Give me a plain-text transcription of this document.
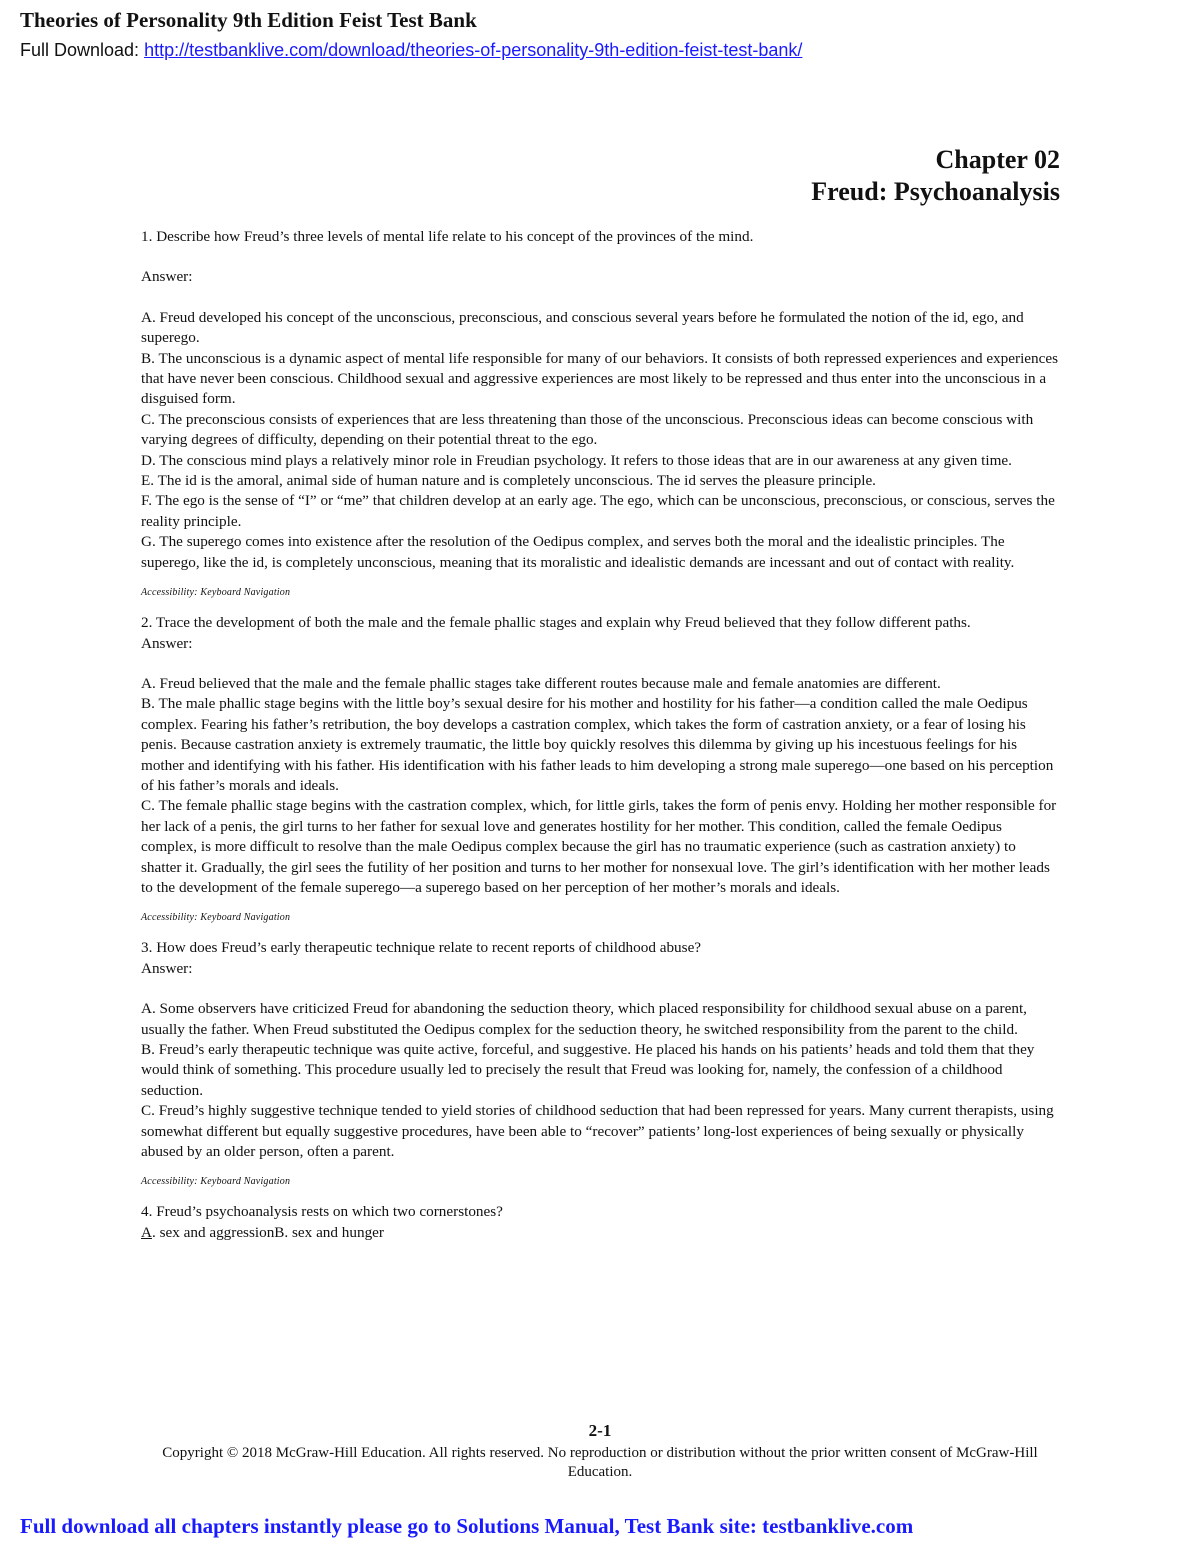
Theories of Personality 9th Edition Feist Test Bank
Full Download: http://testbanklive.com/download/theories-of-personality-9th-edition-feist-test-bank/
Chapter 02
Freud: Psychoanalysis

1. Describe how Freud’s three levels of mental life relate to his concept of the provinces of the mind.

Answer:

A. Freud developed his concept of the unconscious, preconscious, and conscious several years before he formulated the notion of the id, ego, and superego.

B. The unconscious is a dynamic aspect of mental life responsible for many of our behaviors. It consists of both repressed experiences and experiences that have never been conscious. Childhood sexual and aggressive experiences are most likely to be repressed and thus enter into the unconscious in a disguised form.

C. The preconscious consists of experiences that are less threatening than those of the unconscious. Preconscious ideas can become conscious with varying degrees of difficulty, depending on their potential threat to the ego.

D. The conscious mind plays a relatively minor role in Freudian psychology. It refers to those ideas that are in our awareness at any given time.

E. The id is the amoral, animal side of human nature and is completely unconscious. The id serves the pleasure principle.

F. The ego is the sense of “I” or “me” that children develop at an early age. The ego, which can be unconscious, preconscious, or conscious, serves the reality principle.

G. The superego comes into existence after the resolution of the Oedipus complex, and serves both the moral and the idealistic principles. The superego, like the id, is completely unconscious, meaning that its moralistic and idealistic demands are incessant and out of contact with reality.

Accessibility: Keyboard Navigation

2. Trace the development of both the male and the female phallic stages and explain why Freud believed that they follow different paths.

Answer:

A. Freud believed that the male and the female phallic stages take different routes because male and female anatomies are different.

B. The male phallic stage begins with the little boy’s sexual desire for his mother and hostility for his father—a condition called the male Oedipus complex. Fearing his father’s retribution, the boy develops a castration complex, which takes the form of castration anxiety, or a fear of losing his penis. Because castration anxiety is extremely traumatic, the little boy quickly resolves this dilemma by giving up his incestuous feelings for his mother and identifying with his father. His identification with his father leads to him developing a strong male superego—one based on his perception of his father’s morals and ideals.

C. The female phallic stage begins with the castration complex, which, for little girls, takes the form of penis envy. Holding her mother responsible for her lack of a penis, the girl turns to her father for sexual love and generates hostility for her mother. This condition, called the female Oedipus complex, is more difficult to resolve than the male Oedipus complex because the girl has no traumatic experience (such as castration anxiety) to shatter it. Gradually, the girl sees the futility of her position and turns to her mother for nonsexual love. The girl’s identification with her mother leads to the development of the female superego—a superego based on her perception of her mother’s morals and ideals.

Accessibility: Keyboard Navigation

3. How does Freud’s early therapeutic technique relate to recent reports of childhood abuse?

Answer:

A. Some observers have criticized Freud for abandoning the seduction theory, which placed responsibility for childhood sexual abuse on a parent, usually the father. When Freud substituted the Oedipus complex for the seduction theory, he switched responsibility from the parent to the child.

B. Freud’s early therapeutic technique was quite active, forceful, and suggestive. He placed his hands on his patients’ heads and told them that they would think of something. This procedure usually led to precisely the result that Freud was looking for, namely, the confession of a childhood seduction.

C. Freud’s highly suggestive technique tended to yield stories of childhood seduction that had been repressed for years. Many current therapists, using somewhat different but equally suggestive procedures, have been able to “recover” patients’ long-lost experiences of being sexually or physically abused by an older person, often a parent.

Accessibility: Keyboard Navigation

4. Freud’s psychoanalysis rests on which two cornerstones?

A. sex and aggressionB. sex and hunger

2-1
Copyright © 2018 McGraw-Hill Education. All rights reserved. No reproduction or distribution without the prior written consent of McGraw-Hill Education.
Full download all chapters instantly please go to Solutions Manual, Test Bank site: testbanklive.com
